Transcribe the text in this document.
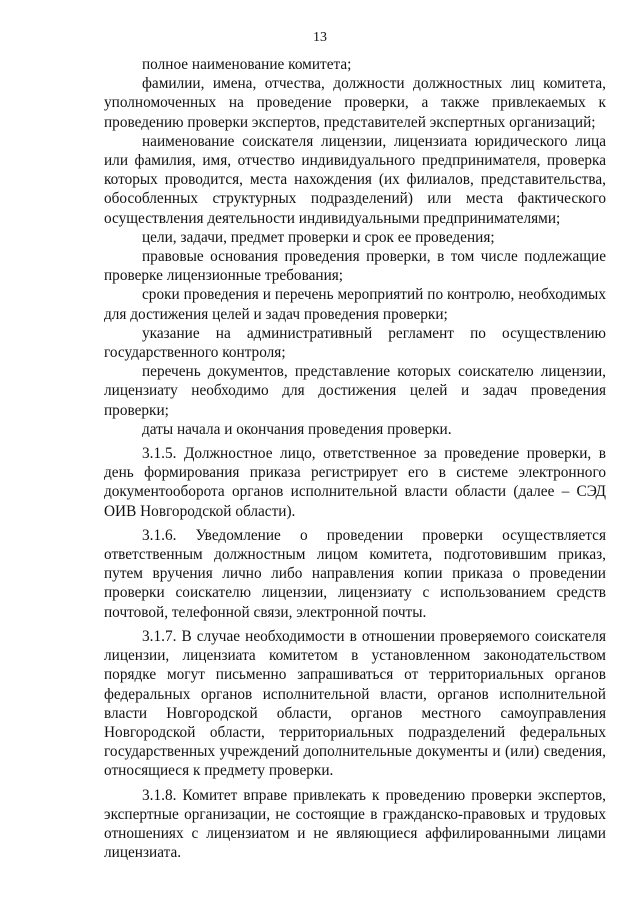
13

полное наименование комитета;

фамилии, имена, отчества, должности должностных лиц комитета, уполномоченных на проведение проверки, а также привлекаемых к проведению проверки экспертов, представителей экспертных организаций;

наименование соискателя лицензии, лицензиата юридического лица или фамилия, имя, отчество индивидуального предпринимателя, проверка которых проводится, места нахождения (их филиалов, представительства, обособленных структурных подразделений) или места фактического осуществления деятельности индивидуальными предпринимателями;

цели, задачи, предмет проверки и срок ее проведения;

правовые основания проведения проверки, в том числе подлежащие проверке лицензионные требования;

сроки проведения и перечень мероприятий по контролю, необходимых для достижения целей и задач проведения проверки;

указание на административный регламент по осуществлению государственного контроля;

перечень документов, представление которых соискателю лицензии, лицензиату необходимо для достижения целей и задач проведения проверки;

даты начала и окончания проведения проверки.

3.1.5. Должностное лицо, ответственное за проведение проверки, в день формирования приказа регистрирует его в системе электронного документооборота органов исполнительной власти области (далее – СЭД ОИВ Новгородской области).

3.1.6. Уведомление о проведении проверки осуществляется ответственным должностным лицом комитета, подготовившим приказ, путем вручения лично либо направления копии приказа о проведении проверки соискателю лицензии, лицензиату с использованием средств почтовой, телефонной связи, электронной почты.

3.1.7. В случае необходимости в отношении проверяемого соискателя лицензии, лицензиата комитетом в установленном законодательством порядке могут письменно запрашиваться от территориальных органов федеральных органов исполнительной власти, органов исполнительной власти Новгородской области, органов местного самоуправления Новгородской области, территориальных подразделений федеральных государственных учреждений дополнительные документы и (или) сведения, относящиеся к предмету проверки.

3.1.8. Комитет вправе привлекать к проведению проверки экспертов, экспертные организации, не состоящие в гражданско-правовых и трудовых отношениях с лицензиатом и не являющиеся аффилированными лицами лицензиата.
